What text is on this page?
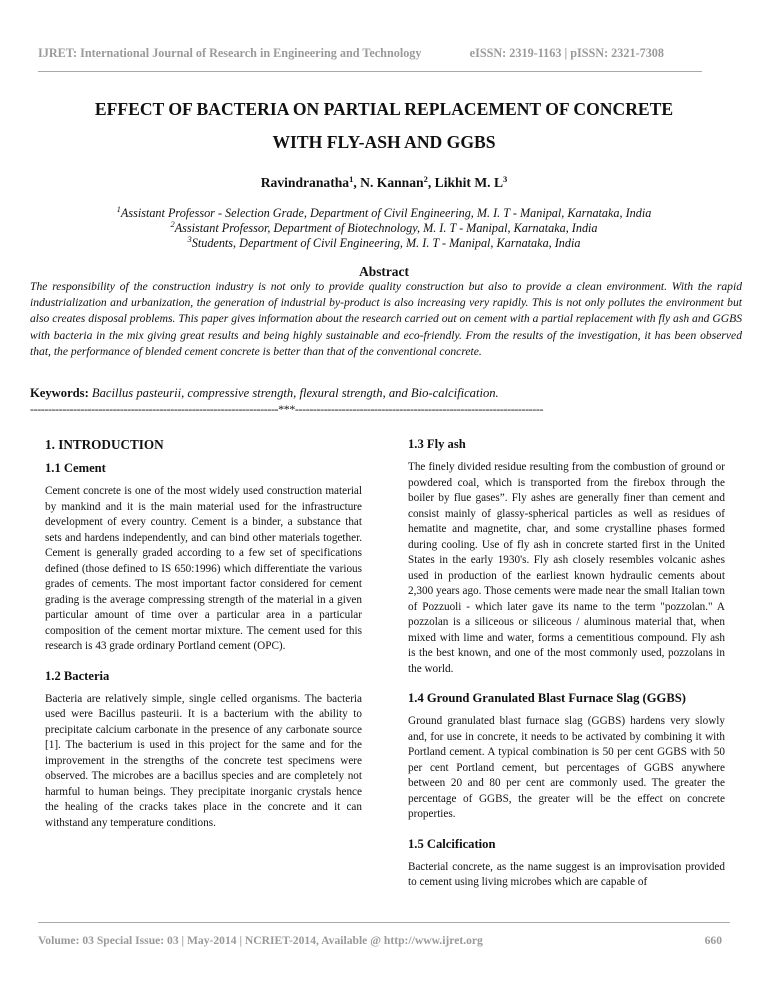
IJRET: International Journal of Research in Engineering and Technology	eISSN: 2319-1163 | pISSN: 2321-7308
EFFECT OF BACTERIA ON PARTIAL REPLACEMENT OF CONCRETE
WITH FLY-ASH AND GGBS
Ravindranatha$^1$, N. Kannan$^2$, Likhit M. $L^3$
$^1$Assistant Professor - Selection Grade, Department of Civil Engineering, M. I. T - Manipal, Karnataka, India
$^2$Assistant Professor, Department of Biotechnology, M. I. T - Manipal, Karnataka, India
$^3$Students, Department of Civil Engineering, M. I. T - Manipal, Karnataka, India
Abstract
The responsibility of the construction industry is not only to provide quality construction but also to provide a clean environment. With the rapid industrialization and urbanization, the generation of industrial by-product is also increasing very rapidly. This is not only pollutes the environment but also creates disposal problems. This paper gives information about the research carried out on cement with a partial replacement with fly ash and GGBS with bacteria in the mix giving great results and being highly sustainable and eco-friendly. From the results of the investigation, it has been observed that, the performance of blended cement concrete is better than that of the conventional concrete.
Keywords: Bacillus pasteurii, compressive strength, flexural strength, and Bio-calcification.
---------------------------------------------------------------------***---------------------------------------------------------------------
1. INTRODUCTION
1.1 Cement
Cement concrete is one of the most widely used construction material by mankind and it is the main material used for the infrastructure development of every country. Cement is a binder, a substance that sets and hardens independently, and can bind other materials together. Cement is generally graded according to a few set of specifications defined (those defined to IS 650:1996) which differentiate the various grades of cements. The most important factor considered for cement grading is the average compressing strength of the material in a given particular amount of time over a particular area in a particular composition of the cement mortar mixture. The cement used for this research is 43 grade ordinary Portland cement (OPC).
1.2 Bacteria
Bacteria are relatively simple, single celled organisms. The bacteria used were Bacillus pasteurii. It is a bacterium with the ability to precipitate calcium carbonate in the presence of any carbonate source [1]. The bacterium is used in this project for the same and for the improvement in the strengths of the concrete test specimens were observed. The microbes are a bacillus species and are completely not harmful to human beings. They precipitate inorganic crystals hence the healing of the cracks takes place in the concrete and it can withstand any temperature conditions.
1.3 Fly ash
The finely divided residue resulting from the combustion of ground or powdered coal, which is transported from the firebox through the boiler by flue gases”. Fly ashes are generally finer than cement and consist mainly of glassy-spherical particles as well as residues of hematite and magnetite, char, and some crystalline phases formed during cooling. Use of fly ash in concrete started first in the United States in the early 1930's. Fly ash closely resembles volcanic ashes used in production of the earliest known hydraulic cements about 2,300 years ago. Those cements were made near the small Italian town of Pozzuoli - which later gave its name to the term "pozzolan." A pozzolan is a siliceous or siliceous / aluminous material that, when mixed with lime and water, forms a cementitious compound. Fly ash is the best known, and one of the most commonly used, pozzolans in the world.
1.4 Ground Granulated Blast Furnace Slag (GGBS)
Ground granulated blast furnace slag (GGBS) hardens very slowly and, for use in concrete, it needs to be activated by combining it with Portland cement. A typical combination is 50 per cent GGBS with 50 per cent Portland cement, but percentages of GGBS anywhere between 20 and 80 per cent are commonly used. The greater the percentage of GGBS, the greater will be the effect on concrete properties.
1.5 Calcification
Bacterial concrete, as the name suggest is an improvisation provided to cement using living microbes which are capable of
Volume: 03 Special Issue: 03 | May-2014 | NCRIET-2014, Available @ http://www.ijret.org	660
